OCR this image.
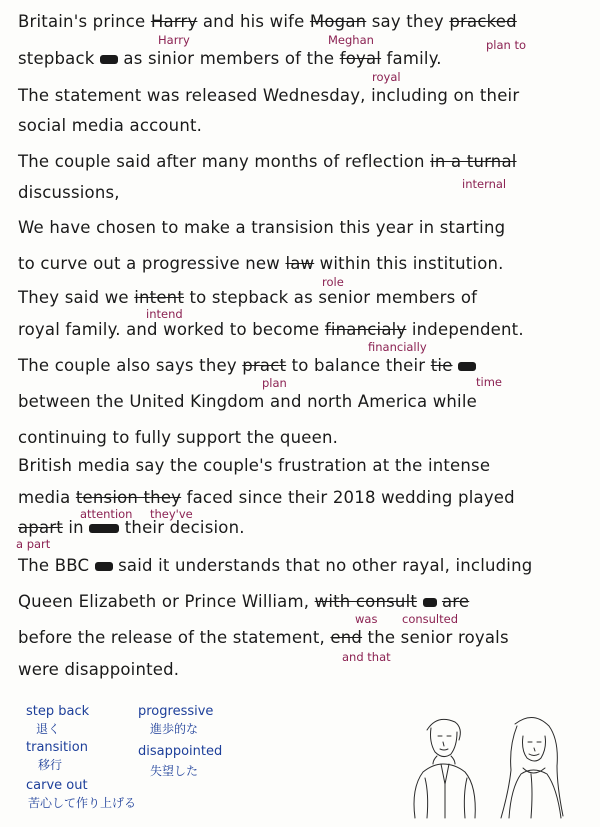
Britain's prince Harry and his wife Mogan say they pracked
Harry	Meghan	plan to
stepback  as sinior members of the foyal family.
royal
The statement was released Wednesday, including on their
social media account.
The couple said after many months of reflection in a turnal
internal
discussions,
We have chosen to make a transision this year in starting
to curve out a progressive new law within this institution.
role
They said we intent to stepback as senior members of
intend
royal family. and worked to become financialy independent.
financially
The couple also says they pract to balance their tie
plan	time
between the United Kingdom and north America while
continuing to fully support the queen.
British media say the couple's frustration at the intense
media tension they faced since their 2018 wedding played
attention they've
apart in  their decision.
a part
The BBC  said it understands that no other rayal, including
Queen Elizabeth or Prince William, with consult are
was consulted
before the release of the statement, end the senior royals
and that
were disappointed.
step back
退く
progressive
進歩的な
transition
移行
disappointed
失望した
carve out
苦心して作り上げる
